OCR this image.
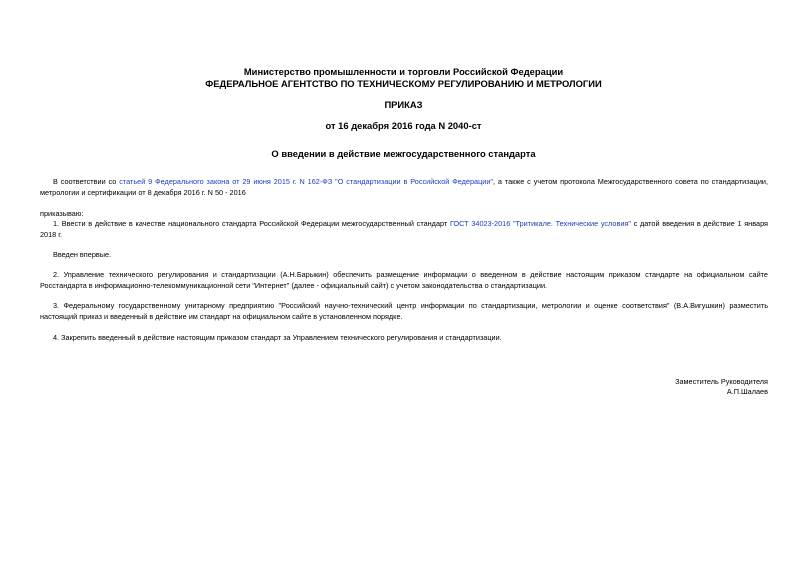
Министерство промышленности и торговли Российской Федерации
ФЕДЕРАЛЬНОЕ АГЕНТСТВО ПО ТЕХНИЧЕСКОМУ РЕГУЛИРОВАНИЮ И МЕТРОЛОГИИ
ПРИКАЗ
от 16 декабря 2016 года N 2040-ст
О введении в действие межгосударственного стандарта
В соответствии со статьей 9 Федерального закона от 29 июня 2015 г. N 162-ФЗ "О стандартизации в Российской Федерации", а также с учетом протокола Межгосударственного совета по стандартизации, метрологии и сертификации от 8 декабря 2016 г. N 50 - 2016
приказываю:
1. Ввести в действие в качестве национального стандарта Российской Федерации межгосударственный стандарт ГОСТ 34023-2016 "Тритикале. Технические условия" с датой введения в действие 1 января 2018 г.
Введен впервые.
2. Управление технического регулирования и стандартизации (А.Н.Барыкин) обеспечить размещение информации о введенном в действие настоящим приказом стандарте на официальном сайте Росстандарта в информационно-телекоммуникационной сети "Интернет" (далее - официальный сайт) с учетом законодательства о стандартизации.
3. Федеральному государственному унитарному предприятию "Российский научно-технический центр информации по стандартизации, метрологии и оценке соответствия" (В.А.Вигушкин) разместить настоящий приказ и введенный в действие им стандарт на официальном сайте в установленном порядке.
4. Закрепить введенный в действие настоящим приказом стандарт за Управлением технического регулирования и стандартизации.
Заместитель Руководителя
А.П.Шалаев
